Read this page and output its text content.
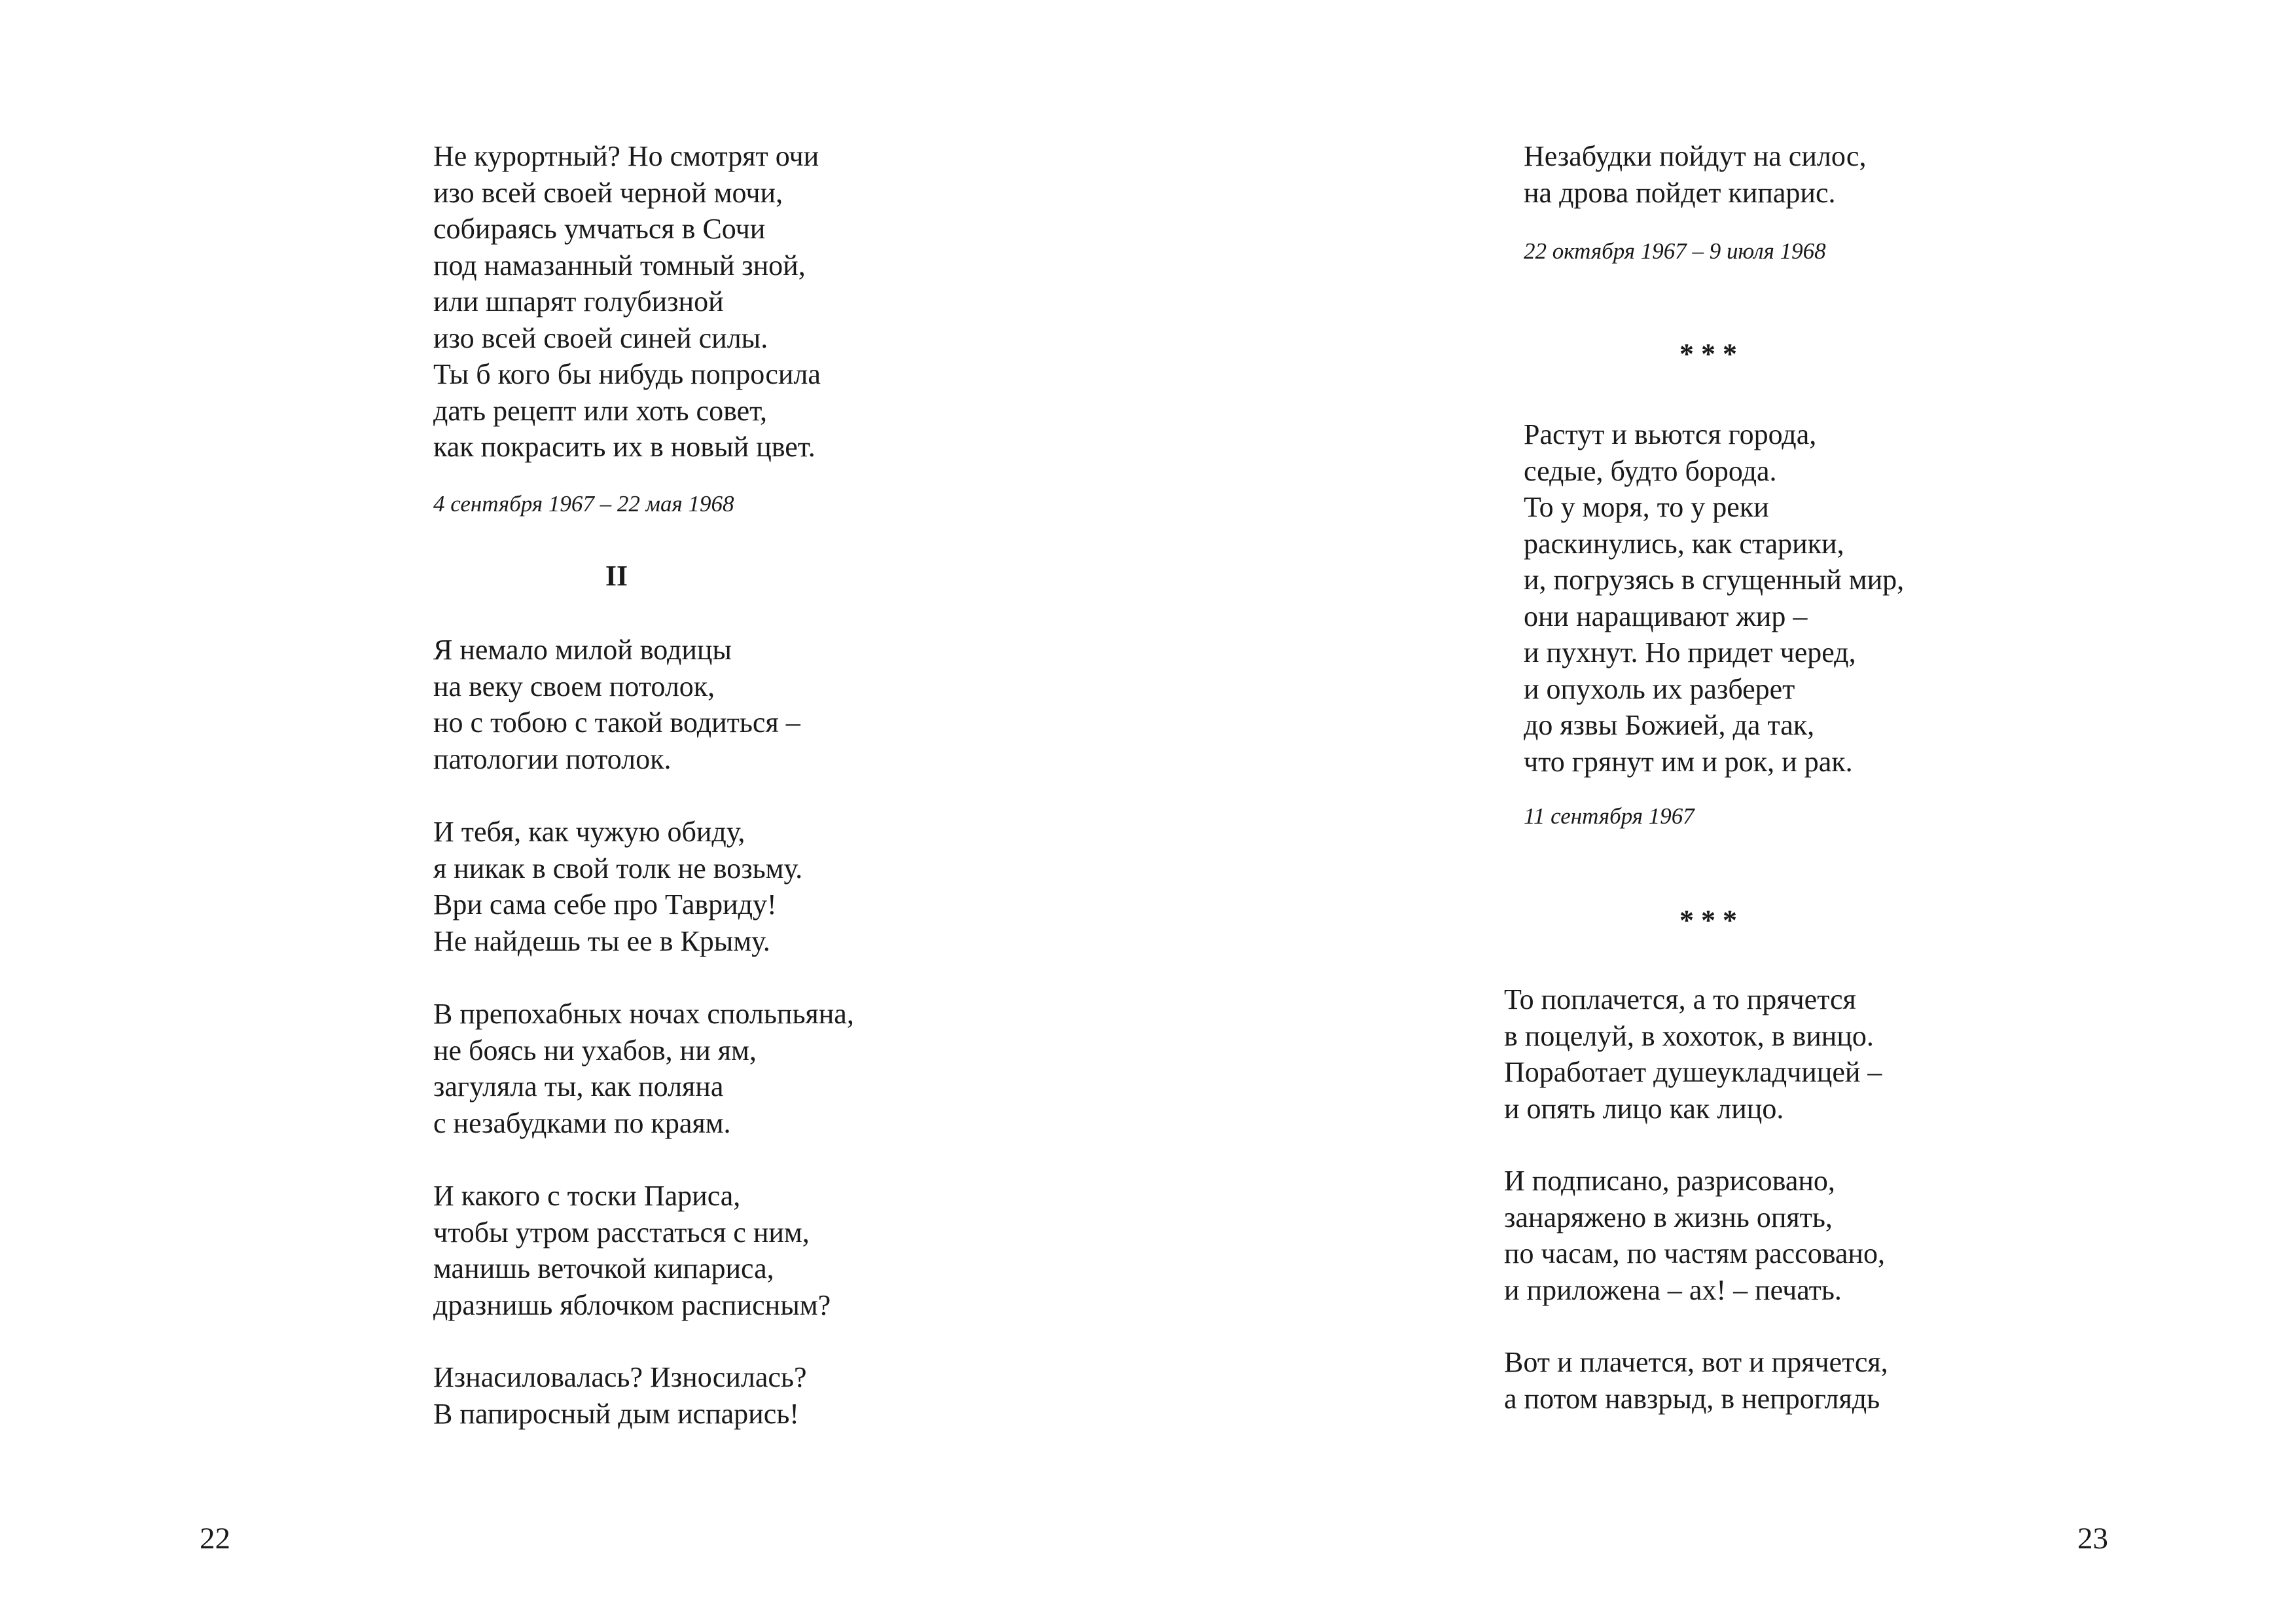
Не курортный? Но смотрят очи
изо всей своей черной мочи,
собираясь умчаться в Сочи
под намазанный томный зной,
или шпарят голубизной
изо всей своей синей силы.
Ты б кого бы нибудь попросила
дать рецепт или хоть совет,
как покрасить их в новый цвет.
4 сентября 1967 – 22 мая 1968
II
Я немало милой водицы
на веку своем потолок,
но с тобою с такой водиться –
патологии потолок.
И тебя, как чужую обиду,
я никак в свой толк не возьму.
Ври сама себе про Тавриду!
Не найдешь ты ее в Крыму.
В препохабных ночах спольпьяна,
не боясь ни ухабов, ни ям,
загуляла ты, как поляна
с незабудками по краям.
И какого с тоски Париса,
чтобы утром расстаться с ним,
манишь веточкой кипариса,
дразнишь яблочком расписным?
Изнасиловалась? Износилась?
В папиросный дым испарись!
22
Незабудки пойдут на силос,
на дрова пойдет кипарис.
22 октября 1967 – 9 июля 1968
* * *
Растут и вьются города,
седые, будто борода.
То у моря, то у реки
раскинулись, как старики,
и, погрузясь в сгущенный мир,
они наращивают жир –
и пухнут. Но придет черед,
и опухоль их разберет
до язвы Божией, да так,
что грянут им и рок, и рак.
11 сентября 1967
* * *
То поплачется, а то прячется
в поцелуй, в хохоток, в винцо.
Поработает душеукладчицей –
и опять лицо как лицо.
И подписано, разрисовано,
занаряжено в жизнь опять,
по часам, по частям рассовано,
и приложена – ах! – печать.
Вот и плачется, вот и прячется,
а потом навзрыд, в непроглядь
23
